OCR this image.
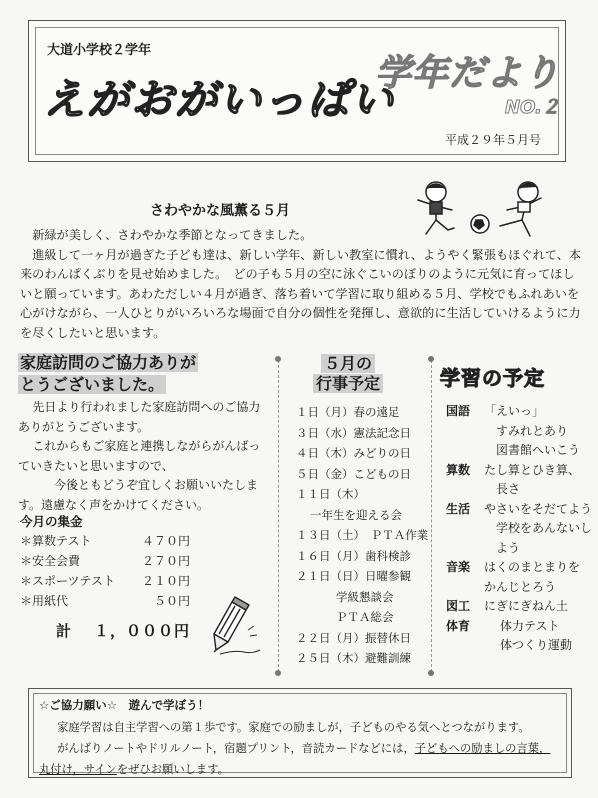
大道小学校２学年
えがおがいっぱい
学年だより
NO.２
平成２９年５月号
さわやかな風薫る５月

新緑が美しく、さわやかな季節となってきました。

進級して一ヶ月が過ぎた子ども達は、新しい学年、新しい教室に慣れ、ようやく緊張もほぐれて、本来のわんぱくぶりを見せ始めました。　どの子も５月の空に泳ぐこいのぼりのように元気に育ってほしいと願っています。あわただしい４月が過ぎ、落ち着いて学習に取り組める５月、学校でもふれあいを心がけながら、一人ひとりがいろいろな場面で自分の個性を発揮し、意欲的に生活していけるように力を尽くしたいと思います。

家庭訪問のご協力ありが
とうございました。

先日より行われました家庭訪問へのご協力ありがとうございます。

これからもご家庭と連携しながらがんばっていきたいと思いますので、

今後ともどうぞ宜しくお願いいたします。遠慮なく声をかけてください。

今月の集金
＊算数テスト	４７０円
＊安全会費	２７０円
＊スポーツテスト ２１０円
＊用紙代	５０円
計 １，０００円
５月の
行事予定
１日（月）春の遠足
３日（水）憲法記念日
４日（木）みどりの日
５日（金）こどもの日
１１日（木）
一年生を迎える会
１３日（土）　ＰＴＡ作業
１６日（月）歯科検診
２１日（日）日曜参観
学級懇談会
ＰＴＡ総会
２２日（月）振替休日
２５日（木）避難訓練
学習の予定
国語	「えいっ」
すみれとあり
図書館へいこう
算数	たし算とひき算、
長さ
生活	やさいをそだてよう
学校をあんないし
よう
音楽	はくのまとまりを
かんじとろう
図工	にぎにぎねん土
体育	体力テスト
体つくり運動
☆ご協力願い☆　遊んで学ぼう！

家庭学習は自主学習への第１歩です。家庭での励ましが，子どものやる気へとつながります。

がんばりノートやドリルノート，宿題プリント，音読カードなどには，子どもへの励ましの言葉，丸付け，サインをぜひお願いします。
